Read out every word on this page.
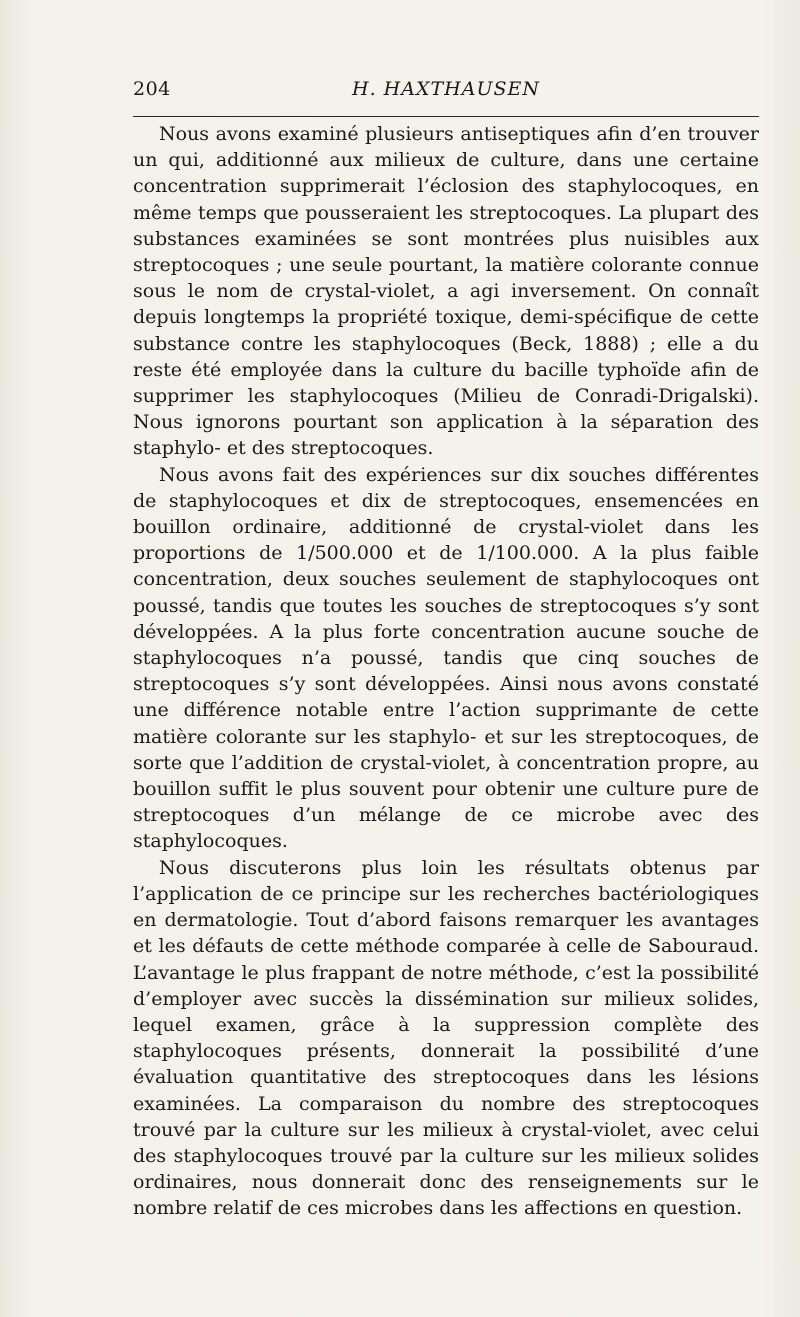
204	H. HAXTHAUSEN

Nous avons examiné plusieurs antiseptiques afin d’en trouver un qui, additionné aux milieux de culture, dans une certaine concentration supprimerait l’éclosion des staphylocoques, en même temps que pousseraient les streptocoques. La plupart des substances examinées se sont montrées plus nuisibles aux streptocoques ; une seule pourtant, la matière colorante connue sous le nom de crystal-violet, a agi inversement. On connaît depuis longtemps la propriété toxique, demi-spécifique de cette substance contre les staphylocoques (Beck, 1888) ; elle a du reste été employée dans la culture du bacille typhoïde afin de supprimer les staphylocoques (Milieu de Conradi-Drigalski). Nous ignorons pourtant son application à la séparation des staphylo- et des streptocoques.

Nous avons fait des expériences sur dix souches différentes de staphylocoques et dix de streptocoques, ensemencées en bouillon ordinaire, additionné de crystal-violet dans les proportions de 1/500.000 et de 1/100.000. A la plus faible concentration, deux souches seulement de staphylocoques ont poussé, tandis que toutes les souches de streptocoques s’y sont développées. A la plus forte concentration aucune souche de staphylocoques n’a poussé, tandis que cinq souches de streptocoques s’y sont développées. Ainsi nous avons constaté une différence notable entre l’action supprimante de cette matière colorante sur les staphylo- et sur les streptocoques, de sorte que l’addition de crystal-violet, à concentration propre, au bouillon suffit le plus souvent pour obtenir une culture pure de streptocoques d’un mélange de ce microbe avec des staphylocoques.

Nous discuterons plus loin les résultats obtenus par l’application de ce principe sur les recherches bactériologiques en dermatologie. Tout d’abord faisons remarquer les avantages et les défauts de cette méthode comparée à celle de Sabouraud. L’avantage le plus frappant de notre méthode, c’est la possibilité d’employer avec succès la dissémination sur milieux solides, lequel examen, grâce à la suppression complète des staphylocoques présents, donnerait la possibilité d’une évaluation quantitative des streptocoques dans les lésions examinées. La comparaison du nombre des streptocoques trouvé par la culture sur les milieux à crystal-violet, avec celui des staphylocoques trouvé par la culture sur les milieux solides ordinaires, nous donnerait donc des renseignements sur le nombre relatif de ces microbes dans les affections en question.
